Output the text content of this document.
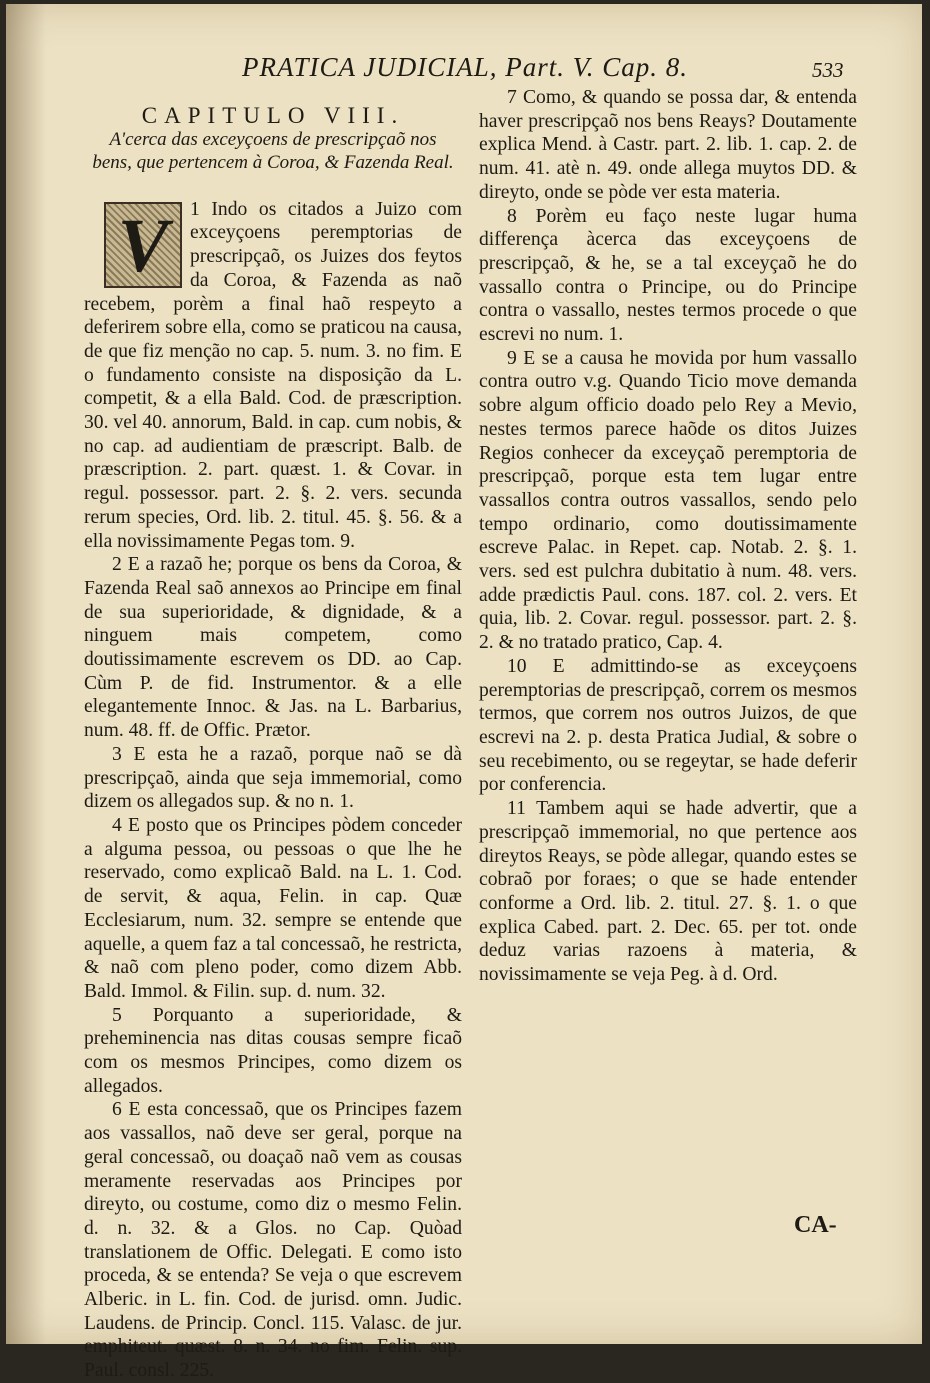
PRATICA JUDICIAL, Part. V. Cap. 8.	533

CAPITULO VIII.

A'cerca das exceyçoens de prescripçaõ nos bens, que pertencem à Coroa, & Fazenda Real.

1
V	Indo os citados a Juizo com exceyçoens peremptorias de prescripçaõ, os Juizes dos feytos da Coroa, & Fazenda as naõ recebem, porèm a final haõ respeyto a deferirem sobre ella, como se praticou na causa, de que fiz menção no cap. 5. num. 3. no fim. E o fundamento consiste na disposição da L. competit, & a ella Bald. Cod. de præscription. 30. vel 40. annorum, Bald. in cap. cum nobis, & no cap. ad audientiam de præscript. Balb. de præscription. 2. part. quæst. 1. & Covar. in regul. possessor. part. 2. §. 2. vers. secunda rerum species, Ord. lib. 2. titul. 45. §. 56. & a ella novissimamente Pegas tom. 9.

2 E a razaõ he; porque os bens da Coroa, & Fazenda Real saõ annexos ao Principe em final de sua superioridade, & dignidade, & a ninguem mais competem, como doutissimamente escrevem os DD. ao Cap. Cùm P. de fid. Instrumentor. & a elle elegantemente Innoc. & Jas. na L. Barbarius, num. 48. ff. de Offic. Prætor.

3 E esta he a razaõ, porque naõ se dà prescripçaõ, ainda que seja immemorial, como dizem os allegados sup. & no n. 1.

4 E posto que os Principes pòdem conceder a alguma pessoa, ou pessoas o que lhe he reservado, como explicaõ Bald. na L. 1. Cod. de servit, & aqua, Felin. in cap. Quæ Ecclesiarum, num. 32. sempre se entende que aquelle, a quem faz a tal concessaõ, he restricta, & naõ com pleno poder, como dizem Abb. Bald. Immol. & Filin. sup. d. num. 32.

5 Porquanto a superioridade, & preheminencia nas ditas cousas sempre ficaõ com os mesmos Principes, como dizem os allegados.

6 E esta concessaõ, que os Principes fazem aos vassallos, naõ deve ser geral, porque na geral concessaõ, ou doaçaõ naõ vem as cousas meramente reservadas aos Principes por direyto, ou costume, como diz o mesmo Felin. d. n. 32. & a Glos. no Cap. Quòad translationem de Offic. Delegati. E como isto proceda, & se entenda? Se veja o que escrevem Alberic. in L. fin. Cod. de jurisd. omn. Judic. Laudens. de Princip. Concl. 115. Valasc. de jur. emphiteut. quæst. 8. n. 34. no fim. Felin. sup. Paul. consl. 225.

7 Como, & quando se possa dar, & entenda haver prescripçaõ nos bens Reays? Doutamente explica Mend. à Castr. part. 2. lib. 1. cap. 2. de num. 41. atè n. 49. onde allega muytos DD. & direyto, onde se pòde ver esta materia.

8 Porèm eu faço neste lugar huma differença àcerca das exceyçoens de prescripçaõ, & he, se a tal exceyçaõ he do vassallo contra o Principe, ou do Principe contra o vassallo, nestes termos procede o que escrevi no num. 1.

9 E se a causa he movida por hum vassallo contra outro v.g. Quando Ticio move demanda sobre algum officio doado pelo Rey a Mevio, nestes termos parece haõde os ditos Juizes Regios conhecer da exceyçaõ peremptoria de prescripçaõ, porque esta tem lugar entre vassallos contra outros vassallos, sendo pelo tempo ordinario, como doutissimamente escreve Palac. in Repet. cap. Notab. 2. §. 1. vers. sed est pulchra dubitatio à num. 48. vers. adde prædictis Paul. cons. 187. col. 2. vers. Et quia, lib. 2. Covar. regul. possessor. part. 2. §. 2. & no tratado pratico, Cap. 4.

10 E admittindo-se as exceyçoens peremptorias de prescripçaõ, correm os mesmos termos, que correm nos outros Juizos, de que escrevi na 2. p. desta Pratica Judial, & sobre o seu recebimento, ou se regeytar, se hade deferir por conferencia.

11 Tambem aqui se hade advertir, que a prescripçaõ immemorial, no que pertence aos direytos Reays, se pòde allegar, quando estes se cobraõ por foraes; o que se hade entender conforme a Ord. lib. 2. titul. 27. §. 1. o que explica Cabed. part. 2. Dec. 65. per tot. onde deduz varias razoens à materia, & novissimamente se veja Peg. à d. Ord.

CA-
